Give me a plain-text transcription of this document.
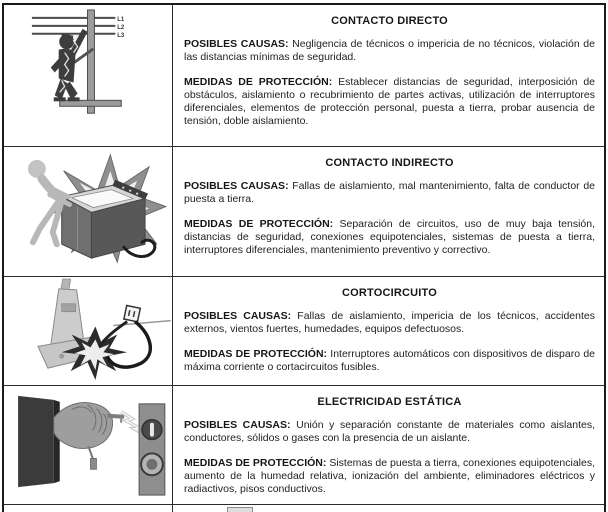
L1
L2
L3
CONTACTO DIRECTO

POSIBLES CAUSAS: Negligencia de técnicos o impericia de no técnicos, violación de las distancias mínimas de seguridad.

MEDIDAS DE PROTECCIÓN: Establecer distancias de seguridad, interposición de obstáculos, aislamiento o recubrimiento de partes activas, utilización de interruptores diferenciales, elementos de protección personal, puesta a tierra, probar ausencia de tensión, doble aislamiento.

CONTACTO INDIRECTO

POSIBLES CAUSAS: Fallas de aislamiento, mal mantenimiento, falta de conductor de puesta a tierra.

MEDIDAS DE PROTECCIÓN: Separación de circuitos, uso de muy baja tensión, distancias de seguridad, conexiones equipotenciales, sistemas de puesta a tierra, interruptores diferenciales, mantenimiento preventivo y correctivo.

CORTOCIRCUITO

POSIBLES CAUSAS: Fallas de aislamiento, impericia de los técnicos, accidentes externos, vientos fuertes, humedades, equipos defectuosos.

MEDIDAS DE PROTECCIÓN: Interruptores automáticos con dispositivos de disparo de máxima corriente o cortacircuitos fusibles.

ELECTRICIDAD ESTÁTICA

POSIBLES CAUSAS: Unión y separación constante de materiales como aislantes, conductores, sólidos o gases con la presencia de un aislante.

MEDIDAS DE PROTECCIÓN: Sistemas de puesta a tierra, conexiones equipotenciales, aumento de la humedad relativa, ionización del ambiente, eliminadores eléctricos y radiactivos, pisos conductivos.
